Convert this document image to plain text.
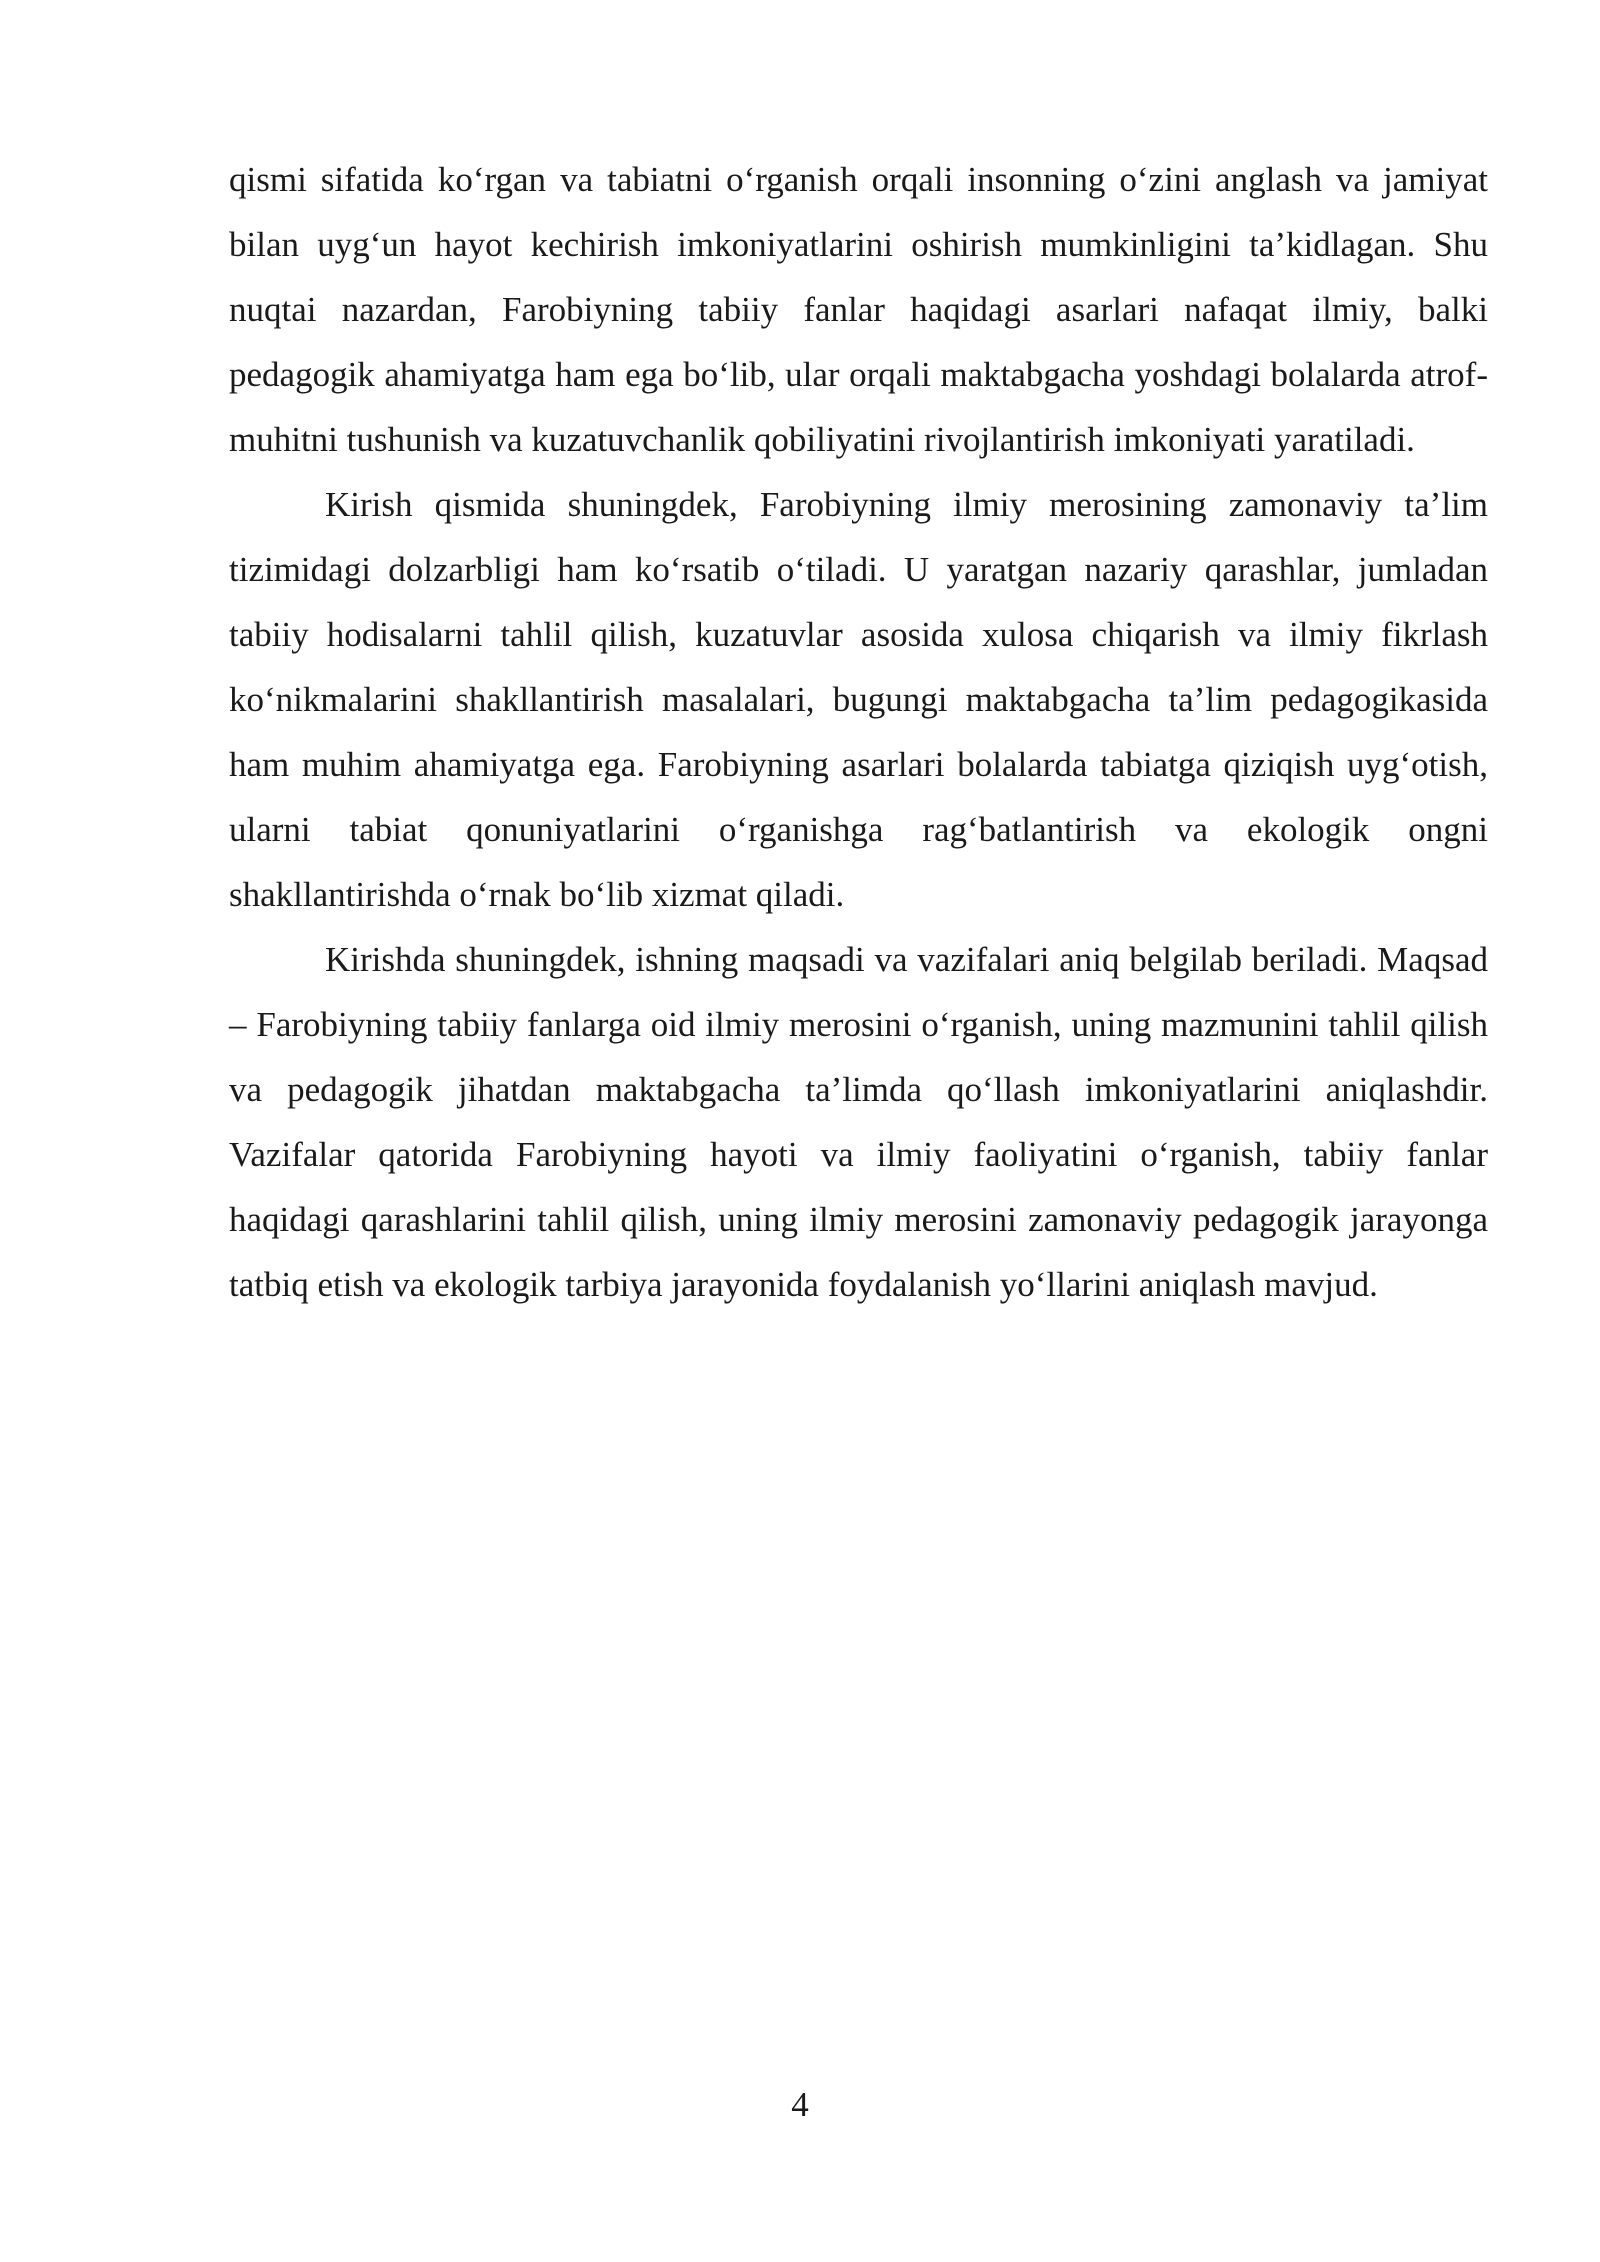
qismi sifatida ko‘rgan va tabiatni o‘rganish orqali insonning o‘zini anglash va jamiyat bilan uyg‘un hayot kechirish imkoniyatlarini oshirish mumkinligini ta’kidlagan. Shu nuqtai nazardan, Farobiyning tabiiy fanlar haqidagi asarlari nafaqat ilmiy, balki pedagogik ahamiyatga ham ega bo‘lib, ular orqali maktabgacha yoshdagi bolalarda atrof-muhitni tushunish va kuzatuvchanlik qobiliyatini rivojlantirish imkoniyati yaratiladi.

Kirish qismida shuningdek, Farobiyning ilmiy merosining zamonaviy ta’lim tizimidagi dolzarbligi ham ko‘rsatib o‘tiladi. U yaratgan nazariy qarashlar, jumladan tabiiy hodisalarni tahlil qilish, kuzatuvlar asosida xulosa chiqarish va ilmiy fikrlash ko‘nikmalarini shakllantirish masalalari, bugungi maktabgacha ta’lim pedagogikasida ham muhim ahamiyatga ega. Farobiyning asarlari bolalarda tabiatga qiziqish uyg‘otish, ularni tabiat qonuniyatlarini o‘rganishga rag‘batlantirish va ekologik ongni shakllantirishda o‘rnak bo‘lib xizmat qiladi.

Kirishda shuningdek, ishning maqsadi va vazifalari aniq belgilab beriladi. Maqsad – Farobiyning tabiiy fanlarga oid ilmiy merosini o‘rganish, uning mazmunini tahlil qilish va pedagogik jihatdan maktabgacha ta’limda qo‘llash imkoniyatlarini aniqlashdir. Vazifalar qatorida Farobiyning hayoti va ilmiy faoliyatini o‘rganish, tabiiy fanlar haqidagi qarashlarini tahlil qilish, uning ilmiy merosini zamonaviy pedagogik jarayonga tatbiq etish va ekologik tarbiya jarayonida foydalanish yo‘llarini aniqlash mavjud.

4
